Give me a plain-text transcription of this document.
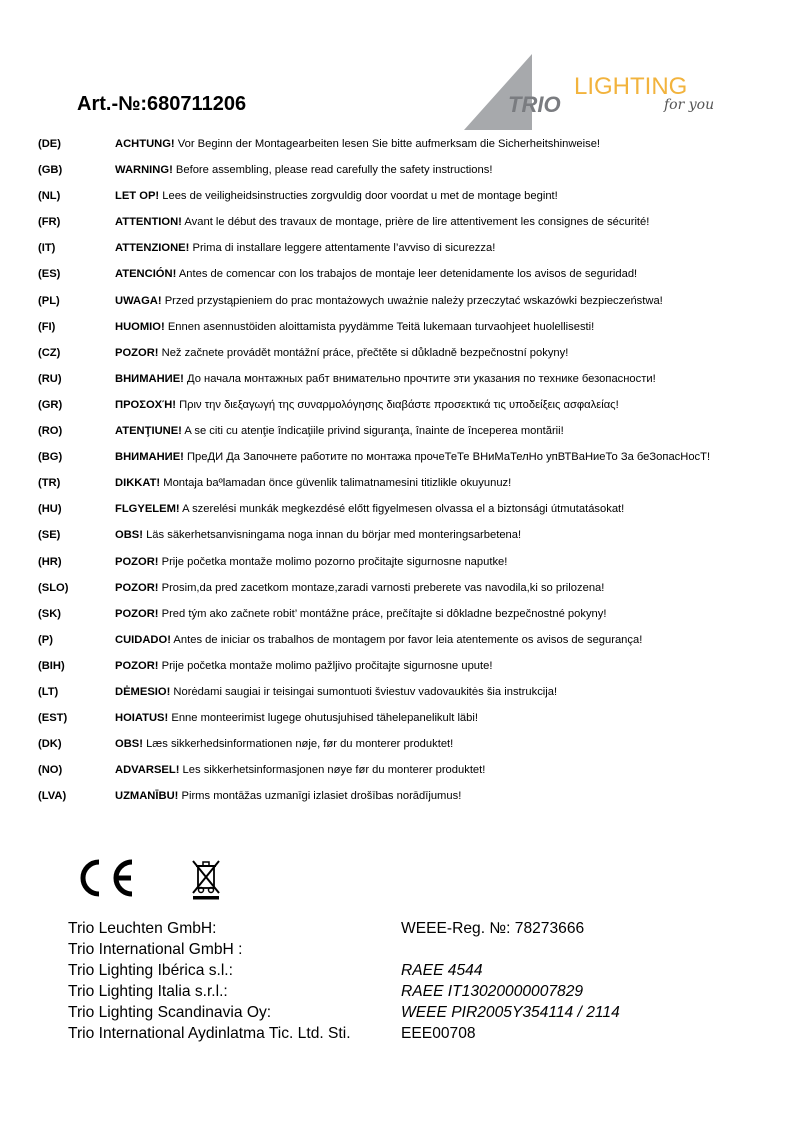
Art.-№:680711206	TRIO
LIGHTING
for you
(DE)	ACHTUNG! Vor Beginn der Montagearbeiten lesen Sie bitte aufmerksam die Sicherheitshinweise!
(GB)	WARNING! Before assembling, please read carefully the safety instructions!
(NL)	LET OP! Lees de veiligheidsinstructies zorgvuldig door voordat u met de montage begint!
(FR)	ATTENTION! Avant le début des travaux de montage, prière de lire attentivement les consignes de sécurité!
(IT)	ATTENZIONE! Prima di installare leggere attentamente l’avviso di sicurezza!
(ES)	ATENCIÓN! Antes de comencar con los trabajos de montaje leer detenidamente los avisos de seguridad!
(PL)	UWAGA! Przed przystąpieniem do prac montażowych uważnie należy przeczytać wskazówki bezpieczeństwa!
(FI)	HUOMIO! Ennen asennustöiden aloittamista pyydämme Teitä lukemaan turvaohjeet huolellisesti!
(CZ)	POZOR! Než začnete provádět montážní práce, přečtěte si důkladně bezpečnostní pokyny!
(RU)	ВНИМАНИЕ! До начала монтажных рабт внимательно прочтите эти указания по технике безопасности!
(GR)	ΠΡΟΣΟΧΉ! Πριν την διεξαγωγή της συναρμολόγησης διαβάστε προσεκτικά τις υποδείξεις ασφαλείας!
(RO)	ATENŢIUNE! A se citi cu atenţie îndicaţiile privind siguranţa, înainte de începerea montării!
(BG)	ВНИМАНИЕ! ПреДИ Да Започнете работите по монтажа прочеТеТе ВНиМаТелНо упВТВаНиеТо За беЗопасНосТ!
(TR)	DIKKAT! Montaja baºlamadan önce güvenlik talimatnamesini titizlikle okuyunuz!
(HU)	FLGYELEM! A szerelési munkák megkezdésé előtt figyelmesen olvassa el a biztonsági útmutatásokat!
(SE)	OBS! Läs säkerhetsanvisningama noga innan du börjar med monteringsarbetena!
(HR)	POZOR! Prije početka montaže molimo pozorno pročitajte sigurnosne naputke!
(SLO)	POZOR! Prosim,da pred zacetkom montaze,zaradi varnosti preberete vas navodila,ki so prilozena!
(SK)	POZOR! Pred tým ako začnete robit’ montážne práce, prečítajte si dôkladne bezpečnostné pokyny!
(P)	CUIDADO! Antes de iniciar os trabalhos de montagem por favor leia atentemente os avisos de segurança!
(BIH)	POZOR! Prije početka montaže molimo pažljivo pročitajte sigurnosne upute!
(LT)	DĖMESIO! Norėdami saugiai ir teisingai sumontuoti šviestuv vadovaukitės šia instrukcija!
(EST)	HOIATUS! Enne monteerimist lugege ohutusjuhised tähelepanelikult läbi!
(DK)	OBS! Læs sikkerhedsinformationen nøje, før du monterer produktet!
(NO)	ADVARSEL! Les sikkerhetsinformasjonen nøye før du monterer produktet!
(LVA)	UZMANĪBU! Pirms montāžas uzmanīgi izlasiet drošības norādījumus!
Trio Leuchten GmbH:	WEEE-Reg. №: 78273666
Trio International GmbH :
Trio Lighting Ibérica s.l.:	RAEE 4544
Trio Lighting Italia s.r.l.:	RAEE IT13020000007829
Trio Lighting Scandinavia Oy:	WEEE PIR2005Y354114 / 2114
Trio International Aydinlatma Tic. Ltd. Sti.	EEE00708
